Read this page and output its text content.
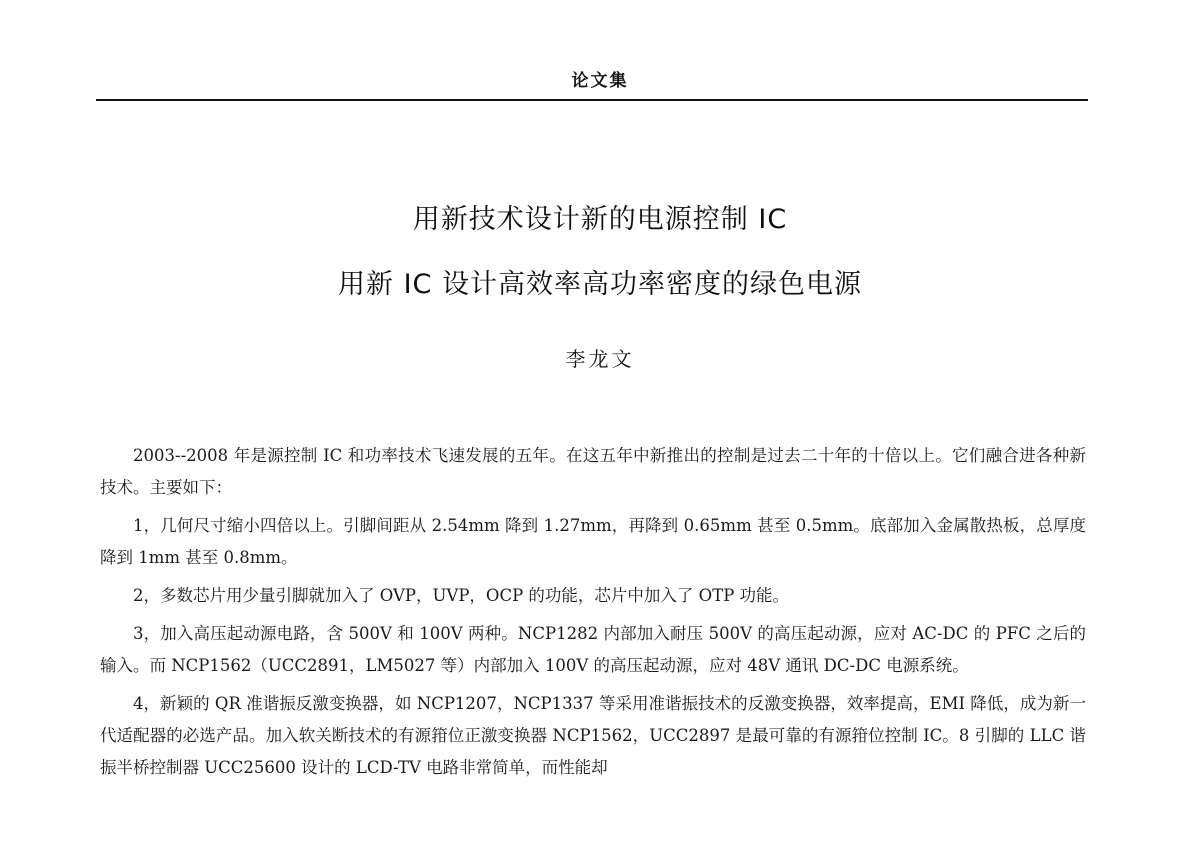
论文集
用新技术设计新的电源控制 IC
用新 IC 设计高效率高功率密度的绿色电源
李龙文

2003--2008 年是源控制 IC 和功率技术飞速发展的五年。在这五年中新推出的控制是过去二十年的十倍以上。它们融合进各种新技术。主要如下：

1，几何尺寸缩小四倍以上。引脚间距从 2.54mm 降到 1.27mm，再降到 0.65mm 甚至 0.5mm。底部加入金属散热板，总厚度降到 1mm 甚至 0.8mm。

2，多数芯片用少量引脚就加入了 OVP，UVP，OCP 的功能，芯片中加入了 OTP 功能。

3，加入高压起动源电路，含 500V 和 100V 两种。NCP1282 内部加入耐压 500V 的高压起动源，应对 AC-DC 的 PFC 之后的输入。而 NCP1562（UCC2891，LM5027 等）内部加入 100V 的高压起动源，应对 48V 通讯 DC-DC 电源系统。

4，新颖的 QR 准谐振反激变换器，如 NCP1207，NCP1337 等采用准谐振技术的反激变换器，效率提高，EMI 降低，成为新一代适配器的必选产品。加入软关断技术的有源箝位正激变换器 NCP1562，UCC2897 是最可靠的有源箝位控制 IC。8 引脚的 LLC 谐振半桥控制器 UCC25600 设计的 LCD-TV 电路非常简单，而性能却
